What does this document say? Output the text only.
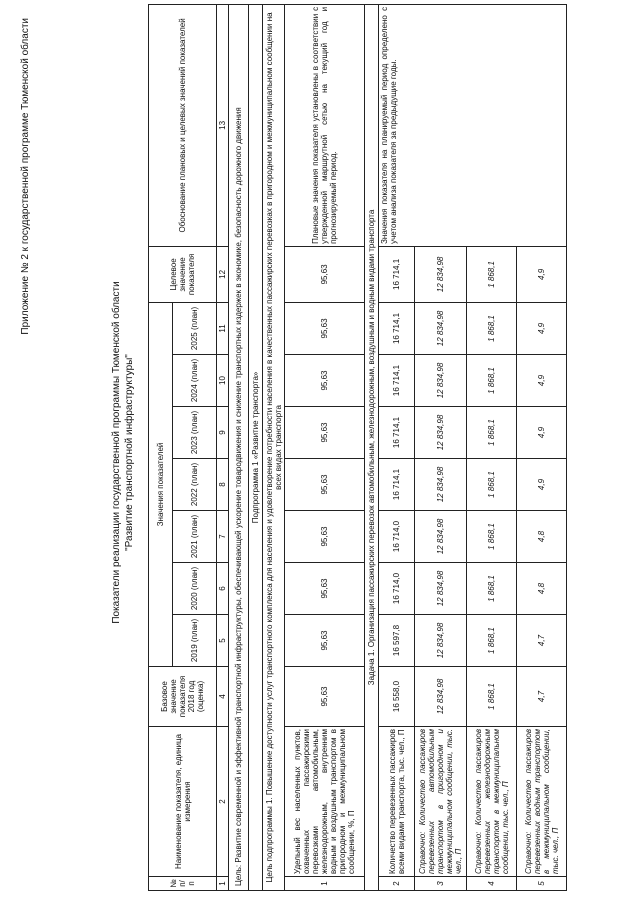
Приложение № 2 к государственной программе Тюменской области
Показатели реализации государственной программы Тюменской области "Развитие транспортной инфраструктуры"
№ п/п	Наименование показателя, единица измерения	Базовое значение показателя 2018 год (оценка)	Значения показателей							Целевое значение показателя	Обоснование плановых и целевых значений показателей
			2019 (план)	2020 (план)	2021 (план)	2022 (план)	2023 (план)	2024 (план)	2025 (план)		
1	2	4	5	6	7	8	9	10	11	12	13
Цель: Развитие современной и эффективной транспортной инфраструктуры, обеспечивающей ускорение товародвижения и снижение транспортных издержек в экономике, безопасность дорожного движения											
Подпрограмма 1 «Развитие транспорта»											
Цель подпрограммы 1. Повышение доступности услуг транспортного комплекса для населения и удовлетворение потребности населения в качественных пассажирских перевозках в пригородном и межмуниципальном сообщении на всех видах транспорта											
1	Удельный вес населенных пунктов, охваченных пассажирскими перевозками автомобильным, железнодорожным, внутренним водным и воздушным транспортом в пригородном и межмуниципальном сообщении, %, П	95,63	95,63	95,63	95,63	95,63	95,63	95,63	95,63	95,63	Плановые значения показателя установлены в соответствии с утвержденной маршрутной сетью на текущий год и прогнозируемый период.
Задача 1. Организация пассажирских перевозок автомобильным, железнодорожным, воздушным и водным видами транспорта											
2	Количество перевезенных пассажиров всеми видами транспорта, тыс. чел., П	16 558,0	16 597,8	16 714,0	16 714,0	16 714,1	16 714,1	16 714,1	16 714,1	16 714,1	Значения показателя на планируемый период определено с учетом анализа показателя за предыдущие годы.
3	Справочно: Количество пассажиров перевезенных автомобильным транспортом в пригородном и межмуниципальном сообщении, тыс. чел., П	12 834,98	12 834,98	12 834,98	12 834,98	12 834,98	12 834,98	12 834,98	12 834,98	12 834,98	
4	Справочно: Количество пассажиров перевезенных железнодорожным транспортом в межмуниципальном сообщении, тыс. чел., П	1 868,1	1 868,1	1 868,1	1 868,1	1 868,1	1 868,1	1 868,1	1 868,1	1 868,1	
5	Справочно: Количество пассажиров перевезенных водным транспортом в межмуниципальном сообщении, тыс. чел., П	4,7	4,7	4,8	4,8	4,9	4,9	4,9	4,9	4,9	
